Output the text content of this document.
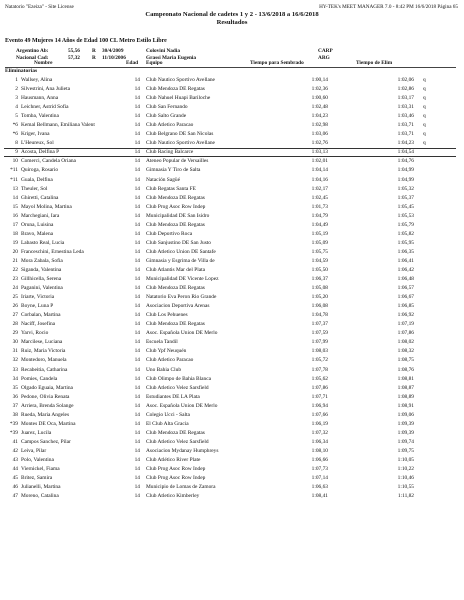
Natatorio "Ezeiza" - Site License	HY-TEK's MEET MANAGER 7.0 - 8:42 PM 16/6/2018 Página 65
Campeonato Nacional de cadetes 1 y 2 - 13/6/2018 a 16/6/2018
Resultados
Evento 49 Mujeres 14 Años de Edad 100 CL Metro Estilo Libre
Argentino Ab:	55,56 R 30/4/2009	Colovini Nadia	CARP
Nacional Cad:	57,32 R 11/10/2006	Grassi Maria Eugenia	ARG
Nombre	Edad Equipo	Tiempo para Sembrado	Tiempo de Elim
Eliminatorias
1 Wallsey, Alina	14 Club Nautico Sportivo Avellane	1:00,14	1:02,06 q
2 Silvestrini, Ana Julieta	14 Club Mendoza DE Regatas	1:02,36	1:02,86 q
3 Hausmann, Anna	14 Club Nahuel Huapi Bariloche	1:00,60	1:03,17 q
4 Leichner, Astrid Sofia	14 Club San Fernando	1:02,48	1:03,31 q
5 Tomba, Valentina	14 Club Salto Grande	1:04,23	1:03,46 q
*6 Kemal Bellmann, Emiliana Valent	14 Club Atletico Paracao	1:02,98	1:03,71 q
*6 Kriger, Ivana	14 Club Belgrano DE San Nicolas	1:03,06	1:03,71 q
8 L'Heureux, Sol	14 Club Nautico Sportivo Avellane	1:02,76	1:04,23 q
9 Acosta, Delfina P	14 Club Racing Balcarce	1:03,13	1:04,54
10 Comerci, Candela Oriana	14 Ateneo Popular de Versailles	1:02,01	1:04,76
*11 Quiroga, Rosario	14 Gimnasia Y Tiro de Salta	1:04,14	1:04,99
*11 Guala, Delfina	14 Natación Sagüé	1:04,16	1:04,99
13 Theuler, Sol	14 Club Regatas Santa FE	1:02,17	1:05,32
14 Ghiretti, Catalina	14 Club Mendoza DE Regatas	1:02,45	1:05,37
15 Mayol Molina, Martina	14 Club Prog Asoc Row Indep	1:01,73	1:05,45
16 Marchegiani, Iara	14 Municipalidad DE San Isidro	1:04,79	1:05,53
17 Oruna, Luisina	14 Club Mendoza DE Regatas	1:04,49	1:05,79
18 Bravo, Malena	14 Club Deportivo Roca	1:05,19	1:05,82
19 Labasto Real, Lucia	14 Club Sanjustino DE San Justo	1:05,09	1:05,95
20 Franceschini, Ernestina Leda	14 Club Atletico Union DE Santafe	1:05,75	1:06,35
21 Mora Zabala, Sofia	14 Gimnasia y Esgrima de Villa de	1:04,59	1:06,41
22 Siganda, Valentina	14 Club Atlantis Mar del Plata	1:05,50	1:06,42
23 Gillhicella, Serena	14 Municipalidad DE Vicente Lopez	1:06,37	1:06,48
24 Paganini, Valentina	14 Club Mendoza DE Regatas	1:05,08	1:06,57
25 Iriarte, Victoria	14 Natatorio Eva Peron Rio Grande	1:05,20	1:06,67
26 Boyne, Luna P	14 Asociacion Deportiva Arenas	1:06,08	1:06,85
27 Corbalan, Martina	14 Club Los Pehuenes	1:04,78	1:06,92
28 Naciff, Josefina	14 Club Mendoza DE Regatas	1:07,37	1:07,19
29 Yarvi, Rocio	14 Asoc. Española Union DE Merlo	1:07,59	1:07,86
30 Marcilese, Luciana	14 Escuela Tandil	1:07,99	1:08,02
31 Ruiz, Maria Victoria	14 Club Ypf Neuquén	1:08,03	1:08,32
32 Montedoro, Manuela	14 Club Atletico Paracao	1:05,72	1:08,75
33 Recabeitia, Catharina	14 Uno Bahia Club	1:07,78	1:08,76
34 Pomies, Candela	14 Club Olimpo de Bahia Blanca	1:05,62	1:08,81
35 Olgado Eguaia, Martina	14 Club Atletico Velez Sarsfield	1:07,86	1:08,87
36 Pedone, Olivia Renata	14 Estudiantes DE LA Plata	1:07,71	1:08,89
37 Arriera, Brenda Solange	14 Asoc. Española Union DE Merlo	1:06,94	1:08,91
38 Rueda, Maria Angeles	14 Colegio Ucci - Salta	1:07,66	1:09,06
*39 Montes DE Oca, Martina	14 El Club Alta Gracia	1:06,19	1:09,39
*39 Juarez, Lucila	14 Club Mendoza DE Regatas	1:07,32	1:09,39
41 Campos Sanchez, Pilar	14 Club Atletico Velez Sarsfield	1:06,34	1:09,74
42 Leiva, Pilar	14 Asociacion Mydanay Humphreys	1:08,10	1:09,75
43 Polo, Valentina	14 Club Atlético River Plate	1:06,66	1:10,05
44 Viernickel, Fiama	14 Club Prog Asoc Row Indep	1:07,73	1:10,22
45 Britez, Samira	14 Club Prog Asoc Row Indep	1:07,14	1:10,46
46 Julianelli, Martina	14 Municipio de Lomas de Zamora	1:06,63	1:10,55
47 Moreno, Catalina	14 Club Atletico Kimberley	1:08,41	1:11,82
